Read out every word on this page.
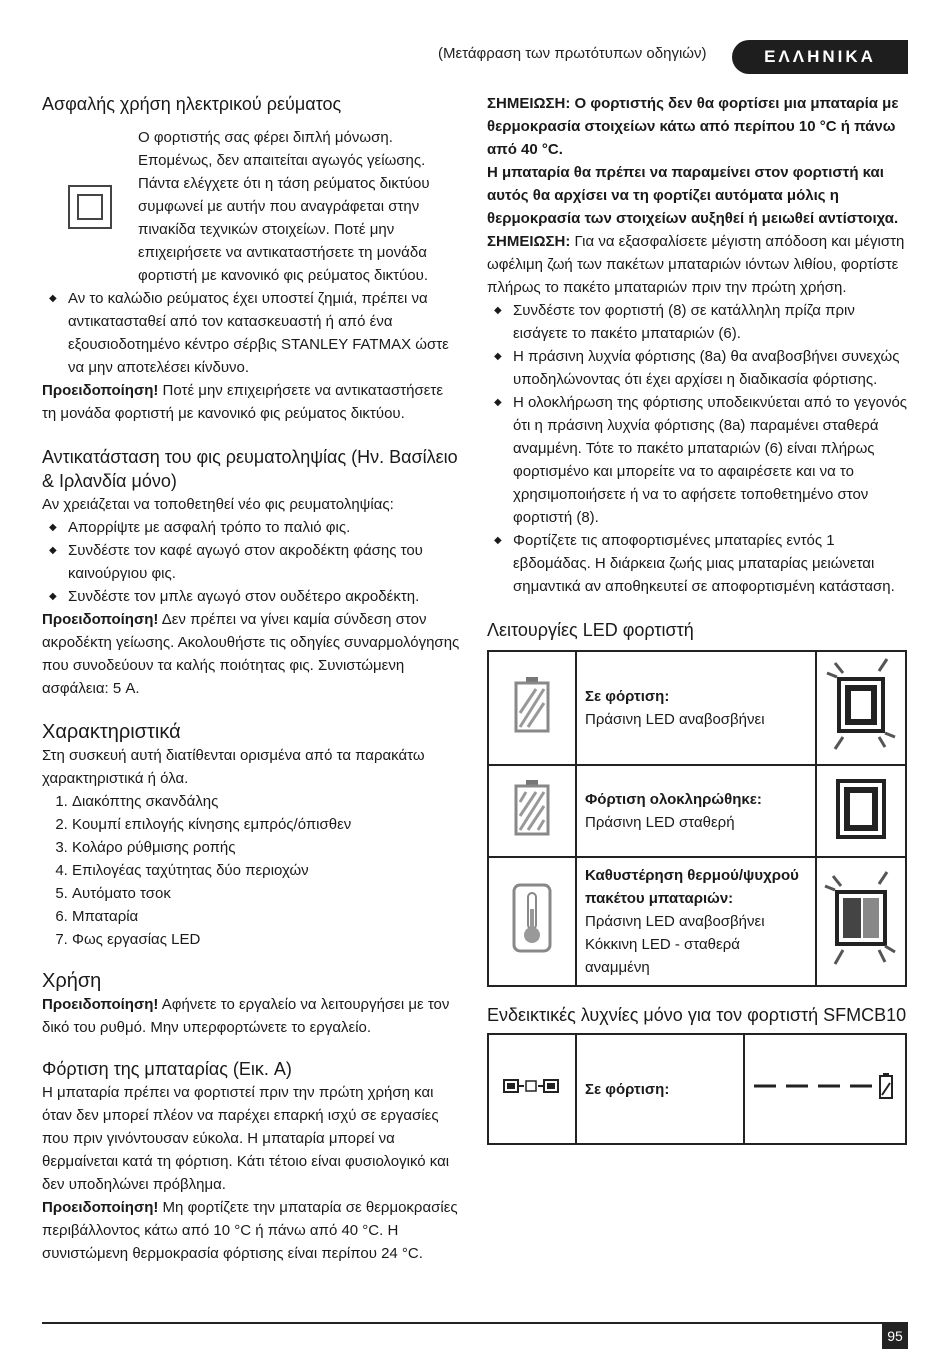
(Μετάφραση των πρωτότυπων οδηγιών)	ΕΛΛΗΝΙΚΑ
Ασφαλής χρήση ηλεκτρικού ρεύματος

Ο φορτιστής σας φέρει διπλή μόνωση. Επομένως, δεν απαιτείται αγωγός γείωσης. Πάντα ελέγχετε ότι η τάση ρεύματος δικτύου συμφωνεί με αυτήν που αναγράφεται στην πινακίδα τεχνικών στοιχείων. Ποτέ μην επιχειρήσετε να αντικαταστήσετε τη μονάδα φορτιστή με κανονικό φις ρεύματος δικτύου.

◆ Αν το καλώδιο ρεύματος έχει υποστεί ζημιά, πρέπει να αντικατασταθεί από τον κατασκευαστή ή από ένα εξουσιοδοτημένο κέντρο σέρβις STANLEY FATMAX ώστε να μην αποτελέσει κίνδυνο.

Προειδοποίηση! Ποτέ μην επιχειρήσετε να αντικαταστήσετε τη μονάδα φορτιστή με κανονικό φις ρεύματος δικτύου.

Αντικατάσταση του φις ρευματοληψίας (Ην. Βασίλειο & Ιρλανδία μόνο)

Αν χρειάζεται να τοποθετηθεί νέο φις ρευματοληψίας:

◆ Απορρίψτε με ασφαλή τρόπο το παλιό φις.
◆ Συνδέστε τον καφέ αγωγό στον ακροδέκτη φάσης του καινούργιου φις.
◆ Συνδέστε τον μπλε αγωγό στον ουδέτερο ακροδέκτη.

Προειδοποίηση! Δεν πρέπει να γίνει καμία σύνδεση στον ακροδέκτη γείωσης. Ακολουθήστε τις οδηγίες συναρμολόγησης που συνοδεύουν τα καλής ποιότητας φις. Συνιστώμενη ασφάλεια: 5 A.

Χαρακτηριστικά

Στη συσκευή αυτή διατίθενται ορισμένα από τα παρακάτω χαρακτηριστικά ή όλα.

1. Διακόπτης σκανδάλης
2. Κουμπί επιλογής κίνησης εμπρός/όπισθεν
3. Κολάρο ρύθμισης ροπής
4. Επιλογέας ταχύτητας δύο περιοχών
5. Αυτόματο τσοκ
6. Μπαταρία
7. Φως εργασίας LED
Χρήση

Προειδοποίηση! Αφήνετε το εργαλείο να λειτουργήσει με τον δικό του ρυθμό. Μην υπερφορτώνετε το εργαλείο.

Φόρτιση της μπαταρίας (Εικ. A)

Η μπαταρία πρέπει να φορτιστεί πριν την πρώτη χρήση και όταν δεν μπορεί πλέον να παρέχει επαρκή ισχύ σε εργασίες που πριν γινόντουσαν εύκολα. Η μπαταρία μπορεί να θερμαίνεται κατά τη φόρτιση. Κάτι τέτοιο είναι φυσιολογικό και δεν υποδηλώνει πρόβλημα.

Προειδοποίηση! Μη φορτίζετε την μπαταρία σε θερμοκρασίες περιβάλλοντος κάτω από 10 °C ή πάνω από 40 °C. Η συνιστώμενη θερμοκρασία φόρτισης είναι περίπου 24 °C.

ΣΗΜΕΙΩΣΗ: Ο φορτιστής δεν θα φορτίσει μια μπαταρία με θερμοκρασία στοιχείων κάτω από περίπου 10 °C ή πάνω από 40 °C.

Η μπαταρία θα πρέπει να παραμείνει στον φορτιστή και αυτός θα αρχίσει να τη φορτίζει αυτόματα μόλις η θερμοκρασία των στοιχείων αυξηθεί ή μειωθεί αντίστοιχα.

ΣΗΜΕΙΩΣΗ: Για να εξασφαλίσετε μέγιστη απόδοση και μέγιστη ωφέλιμη ζωή των πακέτων μπαταριών ιόντων λιθίου, φορτίστε πλήρως το πακέτο μπαταριών πριν την πρώτη χρήση.

◆ Συνδέστε τον φορτιστή (8) σε κατάλληλη πρίζα πριν εισάγετε το πακέτο μπαταριών (6).
◆ Η πράσινη λυχνία φόρτισης (8a) θα αναβοσβήνει συνεχώς υποδηλώνοντας ότι έχει αρχίσει η διαδικασία φόρτισης.
◆ Η ολοκλήρωση της φόρτισης υποδεικνύεται από το γεγονός ότι η πράσινη λυχνία φόρτισης (8a) παραμένει σταθερά αναμμένη. Τότε το πακέτο μπαταριών (6) είναι πλήρως φορτισμένο και μπορείτε να το αφαιρέσετε και να το χρησιμοποιήσετε ή να το αφήσετε τοποθετημένο στον φορτιστή (8).
◆ Φορτίζετε τις αποφορτισμένες μπαταρίες εντός 1 εβδομάδας. Η διάρκεια ζωής μιας μπαταρίας μειώνεται σημαντικά αν αποθηκευτεί σε αποφορτισμένη κατάσταση.
Λειτουργίες LED φορτιστή
	Σε φόρτιση:
Πράσινη LED αναβοσβήνει	
	Φόρτιση ολοκληρώθηκε:
Πράσινη LED σταθερή	
	Καθυστέρηση θερμού/ψυχρού πακέτου μπαταριών:
Πράσινη LED αναβοσβήνει
Κόκκινη LED - σταθερά αναμμένη	
Ενδεικτικές λυχνίες μόνο για τον φορτιστή SFMCB10
	Σε φόρτιση:	
95
